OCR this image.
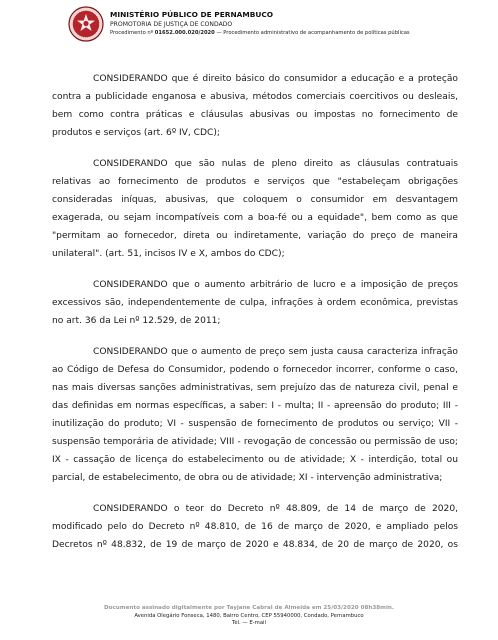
MINISTÉRIO PÚBLICO DE PERNAMBUCO
PROMOTORIA DE JUSTIÇA DE CONDADO
Procedimento nº 01652.000.020/2020 — Procedimento administrativo de acompanhamento de políticas públicas

CONSIDERANDO que é direito básico do consumidor a educação e a proteção contra a publicidade enganosa e abusiva, métodos comerciais coercitivos ou desleais, bem como contra práticas e cláusulas abusivas ou impostas no fornecimento de produtos e serviços (art. 6º IV, CDC);

CONSIDERANDO que são nulas de pleno direito as cláusulas contratuais relativas ao fornecimento de produtos e serviços que "estabeleçam obrigações consideradas iníquas, abusivas, que coloquem o consumidor em desvantagem exagerada, ou sejam incompatíveis com a boa-fé ou a equidade", bem como as que "permitam ao fornecedor, direta ou indiretamente, variação do preço de maneira unilateral". (art. 51, incisos IV e X, ambos do CDC);

CONSIDERANDO que o aumento arbitrário de lucro e a imposição de preços excessivos são, independentemente de culpa, infrações à ordem econômica, previstas no art. 36 da Lei nº 12.529, de 2011;

CONSIDERANDO que o aumento de preço sem justa causa caracteriza infração ao Código de Defesa do Consumidor, podendo o fornecedor incorrer, conforme o caso, nas mais diversas sanções administrativas, sem prejuízo das de natureza civil, penal e das definidas em normas específicas, a saber: I - multa; II - apreensão do produto; III - inutilização do produto; VI - suspensão de fornecimento de produtos ou serviço; VII - suspensão temporária de atividade; VIII - revogação de concessão ou permissão de uso; IX - cassação de licença do estabelecimento ou de atividade; X - interdição, total ou parcial, de estabelecimento, de obra ou de atividade; XI - intervenção administrativa;

CONSIDERANDO o teor do Decreto nº 48.809, de 14 de março de 2020, modificado pelo do Decreto nº 48.810, de 16 de março de 2020, e ampliado pelos Decretos nº 48.832, de 19 de março de 2020 e 48.834, de 20 de março de 2020, os

Documento assinado digitalmente por Tayjane Cabral de Almeida em 25/03/2020 08h38min.
Avenida Olegário Fonseca, 1480, Bairro Centro, CEP 55940000, Condado, Pernambuco
Tel. — E-mail
